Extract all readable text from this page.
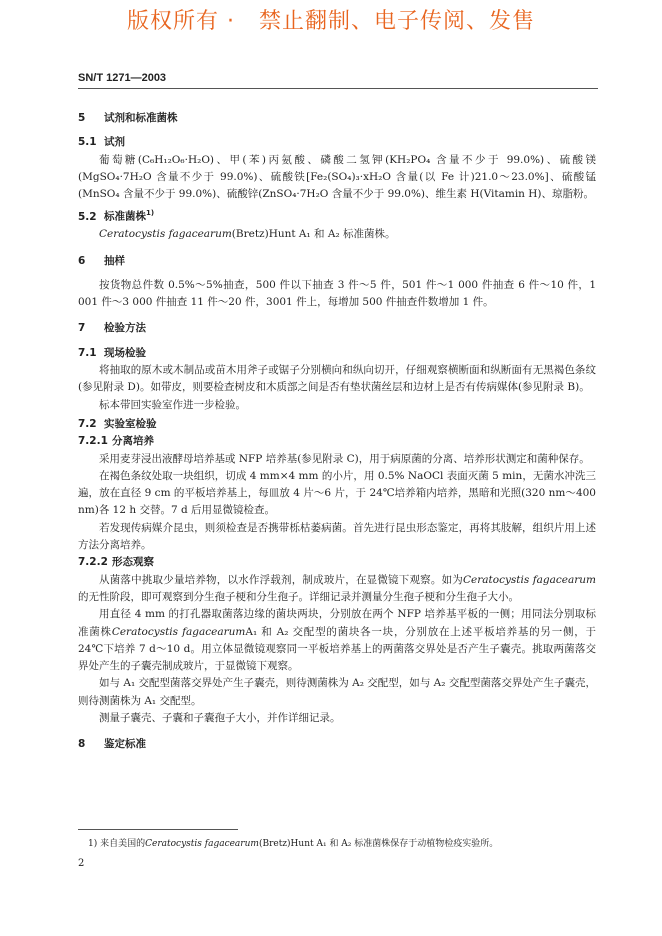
版权所有 ·   禁止翻制、电子传阅、发售
SN/T 1271—2003
5 试剂和标准菌株
5.1 试剂
葡萄糖(C₆H₁₂O₆·H₂O)、甲(苯)丙氨酸、磷酸二氢钾(KH₂PO₄ 含量不少于 99.0%)、硫酸镁(MgSO₄·7H₂O 含量不少于 99.0%)、硫酸铁[Fe₂(SO₄)₃·xH₂O 含量(以 Fe 计)21.0～23.0%]、硫酸锰(MnSO₄ 含量不少于 99.0%)、硫酸锌(ZnSO₄·7H₂O 含量不少于 99.0%)、维生素 H(Vitamin H)、琼脂粉。
5.2 标准菌株$^{1)}$
Ceratocystis fagacearum(Bretz)Hunt A₁ 和 A₂ 标准菌株。
6 抽样
按货物总件数 0.5%～5%抽查，500 件以下抽查 3 件～5 件，501 件～1 000 件抽查 6 件～10 件，1 001 件～3 000 件抽查 11 件～20 件，3001 件上，每增加 500 件抽查件数增加 1 件。
7 检验方法
7.1 现场检验
将抽取的原木或木制品或苗木用斧子或锯子分别横向和纵向切开，仔细观察横断面和纵断面有无黑褐色条纹(参见附录 D)。如带皮，则要检查树皮和木质部之间是否有垫状菌丝层和边材上是否有传病媒体(参见附录 B)。
标本带回实验室作进一步检验。
7.2 实验室检验
7.2.1 分离培养
采用麦芽浸出液酵母培养基或 NFP 培养基(参见附录 C)，用于病原菌的分离、培养形状测定和菌种保存。
在褐色条纹处取一块组织，切成 4 mm×4 mm 的小片，用 0.5% NaOCl 表面灭菌 5 min，无菌水冲洗三遍，放在直径 9 cm 的平板培养基上，每皿放 4 片～6 片，于 24℃培养箱内培养，黑暗和光照(320 nm～400 nm)各 12 h 交替。7 d 后用显微镜检查。
若发现传病媒介昆虫，则须检查是否携带栎枯萎病菌。首先进行昆虫形态鉴定，再将其肢解，组织片用上述方法分离培养。
7.2.2 形态观察
从菌落中挑取少量培养物，以水作浮载剂，制成玻片，在显微镜下观察。如为Ceratocystis fagacearum的无性阶段，即可观察到分生孢子梗和分生孢子。详细记录并测量分生孢子梗和分生孢子大小。
用直径 4 mm 的打孔器取菌落边缘的菌块两块，分别放在两个 NFP 培养基平板的一侧；用同法分别取标准菌株Ceratocystis fagacearumA₁ 和 A₂ 交配型的菌块各一块，分别放在上述平板培养基的另一侧，于 24℃下培养 7 d～10 d。用立体显微镜观察同一平板培养基上的两菌落交界处是否产生子囊壳。挑取两菌落交界处产生的子囊壳制成玻片，于显微镜下观察。
如与 A₁ 交配型菌落交界处产生子囊壳，则待测菌株为 A₂ 交配型，如与 A₂ 交配型菌落交界处产生子囊壳，则待测菌株为 A₁ 交配型。
测量子囊壳、子囊和子囊孢子大小，并作详细记录。
8 鉴定标准
1) 来自美国的Ceratocystis fagacearum(Bretz)Hunt A₁ 和 A₂ 标准菌株保存于动植物检疫实验所。
2
